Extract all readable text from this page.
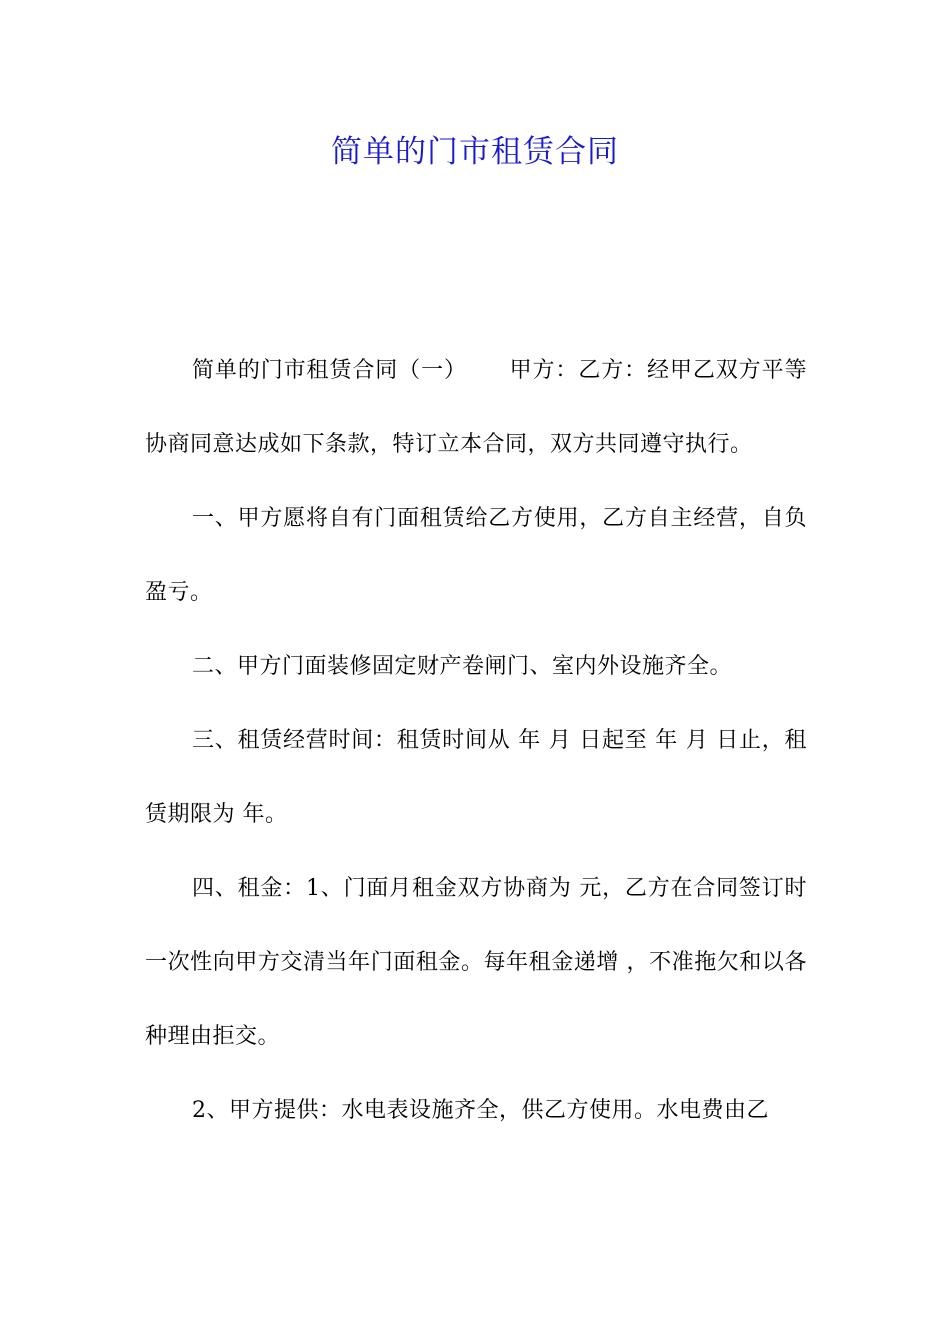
简单的门市租赁合同

简单的门市租赁合同（一）　　 甲方：乙方：经甲乙双方平等协商同意达成如下条款，特订立本合同，双方共同遵守执行。

一、甲方愿将自有门面租赁给乙方使用，乙方自主经营，自负盈亏。

二、甲方门面装修固定财产卷闸门、室内外设施齐全。

三、租赁经营时间：租赁时间从 年 月 日起至 年 月 日止，租赁期限为 年。

四、租金：1、门面月租金双方协商为 元，乙方在合同签订时一次性向甲方交清当年门面租金。每年租金递增 ，不准拖欠和以各种理由拒交。

2、甲方提供：水电表设施齐全，供乙方使用。水电费由乙
